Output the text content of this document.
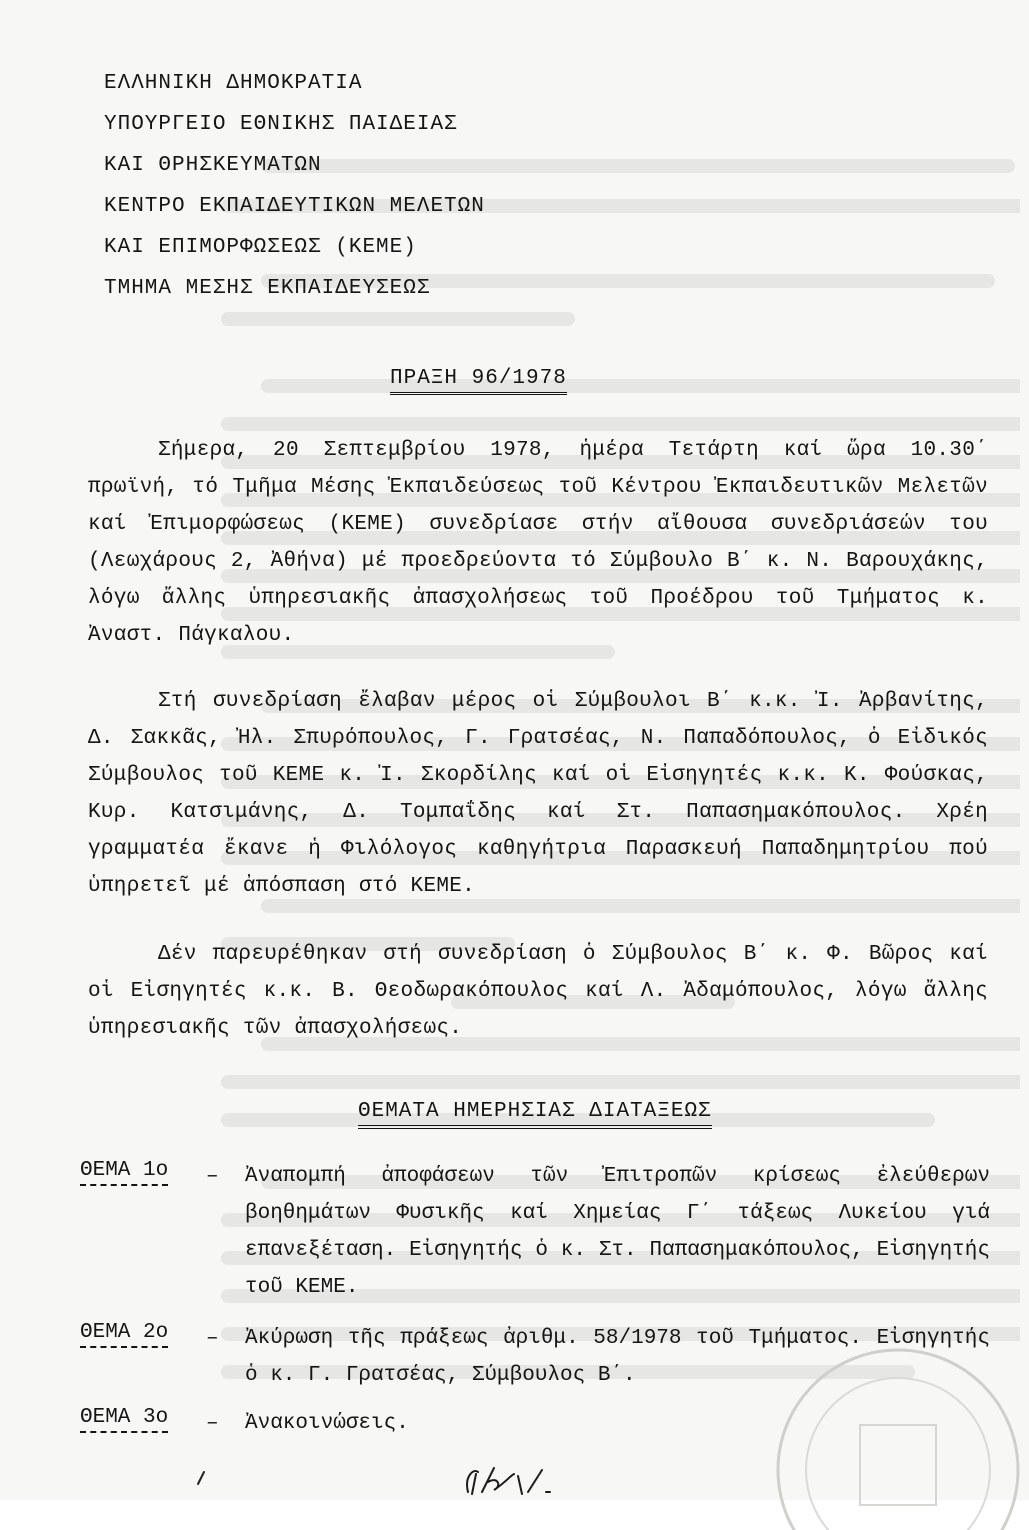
ΕΛΛΗΝΙΚΗ ΔΗΜΟΚΡΑΤΙΑ
ΥΠΟΥΡΓΕΙΟ ΕΘΝΙΚΗΣ ΠΑΙΔΕΙΑΣ
ΚΑΙ ΘΡΗΣΚΕΥΜΑΤΩΝ
ΚΕΝΤΡΟ ΕΚΠΑΙΔΕΥΤΙΚΩΝ ΜΕΛΕΤΩΝ
ΚΑΙ ΕΠΙΜΟΡΦΩΣΕΩΣ (ΚΕΜΕ)
ΤΜΗΜΑ ΜΕΣΗΣ ΕΚΠΑΙΔΕΥΣΕΩΣ
ΠΡΑΞΗ 96/1978
Σήμερα, 20 Σεπτεμβρίου 1978, ἡμέρα Τετάρτη καί ὥρα 10.30΄ πρωϊνή, τό Τμῆμα Μέσης Ἐκπαιδεύσεως τοῦ Κέντρου Ἐκπαιδευτικῶν Μελετῶν καί Ἐπιμορφώσεως (ΚΕΜΕ) συνεδρίασε στήν αἴθουσα συνεδριάσεών του (Λεωχάρους 2, Ἀθήνα) μέ προεδρεύοντα τό Σύμβουλο Β΄ κ. Ν. Βαρουχάκης, λόγω ἄλλης ὑπηρεσιακῆς ἀπασχολήσεως τοῦ Προέδρου τοῦ Τμήματος κ. Ἀναστ. Πάγκαλου.
Στή συνεδρίαση ἔλαβαν μέρος οἱ Σύμβουλοι Β΄ κ.κ. Ἰ. Ἀρβανίτης, Δ. Σακκᾶς, Ἠλ. Σπυρόπουλος, Γ. Γρατσέας, Ν. Παπαδόπουλος, ὁ Εἰδικός Σύμβουλος τοῦ ΚΕΜΕ κ. Ἰ. Σκορδίλης καί οἱ Εἰσηγητές κ.κ. Κ. Φούσκας, Κυρ. Κατσιμάνης, Δ. Τομπαΐδης καί Στ. Παπασημακόπουλος. Χρέη γραμματέα ἔκανε ἡ Φιλόλογος καθηγήτρια Παρασκευή Παπαδημητρίου πού ὑπηρετεῖ μέ ἀπόσπαση στό ΚΕΜΕ.
Δέν παρευρέθηκαν στή συνεδρίαση ὁ Σύμβουλος Β΄ κ. Φ. Βῶρος καί οἱ Εἰσηγητές κ.κ. Β. Θεοδωρακόπουλος καί Λ. Ἀδαμόπουλος, λόγω ἄλλης ὑπηρεσιακῆς τῶν ἀπασχολήσεως.
ΘΕΜΑΤΑ ΗΜΕΡΗΣΙΑΣ ΔΙΑΤΑΞΕΩΣ
ΘΕΜΑ 1ο – Ἀναπομπή ἀποφάσεων τῶν Ἐπιτροπῶν κρίσεως ἐλεύθερων βοηθημάτων Φυσικῆς καί Χημείας Γ΄ τάξεως Λυκείου γιά επανεξέταση. Εἰσηγητής ὁ κ. Στ. Παπασημακόπουλος, Εἰσηγητής τοῦ ΚΕΜΕ.
ΘΕΜΑ 2ο – Ἀκύρωση τῆς πράξεως ἀριθμ. 58/1978 τοῦ Τμήματος. Εἰσηγητής ὁ κ. Γ. Γρατσέας, Σύμβουλος Β΄.
ΘΕΜΑ 3ο – Ἀνακοινώσεις.
